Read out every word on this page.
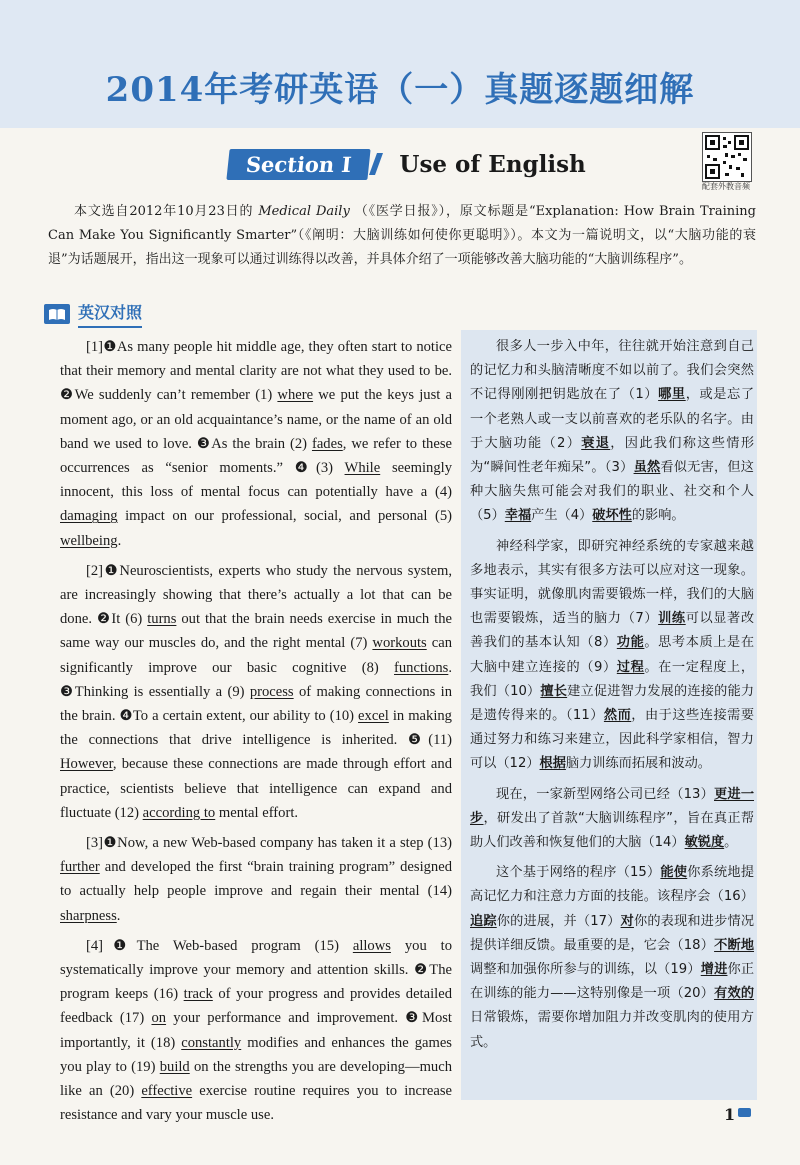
2014年考研英语（一）真题逐题细解
Section Ⅰ	Use of English
配套外教音频
本文选自2012年10月23日的 Medical Daily （《医学日报》），原文标题是“Explanation: How Brain Training Can Make You Significantly Smarter”（《阐明：大脑训练如何使你更聪明》）。本文为一篇说明文，以“大脑功能的衰退”为话题展开，指出这一现象可以通过训练得以改善，并具体介绍了一项能够改善大脑功能的“大脑训练程序”。
英汉对照

[1]❶As many people hit middle age, they often start to notice that their memory and mental clarity are not what they used to be. ❷We suddenly can’t remember (1) where we put the keys just a moment ago, or an old acquaintance’s name, or the name of an old band we used to love. ❸As the brain (2) fades, we refer to these occurrences as “senior moments.” ❹(3) While seemingly innocent, this loss of mental focus can potentially have a (4) damaging impact on our professional, social, and personal (5) wellbeing.

[2]❶Neuroscientists, experts who study the nervous system, are increasingly showing that there’s actually a lot that can be done. ❷It (6) turns out that the brain needs exercise in much the same way our muscles do, and the right mental (7) workouts can significantly improve our basic cognitive (8) functions. ❸Thinking is essentially a (9) process of making connections in the brain. ❹To a certain extent, our ability to (10) excel in making the connections that drive intelligence is inherited. ❺(11) However, because these connections are made through effort and practice, scientists believe that intelligence can expand and fluctuate (12) according to mental effort.

[3]❶Now, a new Web-based company has taken it a step (13) further and developed the first “brain training program” designed to actually help people improve and regain their mental (14) sharpness.

[4]❶The Web-based program (15) allows you to systematically improve your memory and attention skills. ❷The program keeps (16) track of your progress and provides detailed feedback (17) on your performance and improvement. ❸Most importantly, it (18) constantly modifies and enhances the games you play to (19) build on the strengths you are developing—much like an (20) effective exercise routine requires you to increase resistance and vary your muscle use.

很多人一步入中年，往往就开始注意到自己的记忆力和头脑清晰度不如以前了。我们会突然不记得刚刚把钥匙放在了（1）哪里，或是忘了一个老熟人或一支以前喜欢的老乐队的名字。由于大脑功能（2）衰退，因此我们称这些情形为“瞬间性老年痴呆”。（3）虽然看似无害，但这种大脑失焦可能会对我们的职业、社交和个人（5）幸福产生（4）破坏性的影响。

神经科学家，即研究神经系统的专家越来越多地表示，其实有很多方法可以应对这一现象。事实证明，就像肌肉需要锻炼一样，我们的大脑也需要锻炼，适当的脑力（7）训练可以显著改善我们的基本认知（8）功能。思考本质上是在大脑中建立连接的（9）过程。在一定程度上，我们（10）擅长建立促进智力发展的连接的能力是遗传得来的。（11）然而，由于这些连接需要通过努力和练习来建立，因此科学家相信，智力可以（12）根据脑力训练而拓展和波动。

现在，一家新型网络公司已经（13）更进一步，研发出了首款“大脑训练程序”，旨在真正帮助人们改善和恢复他们的大脑（14）敏锐度。

这个基于网络的程序（15）能使你系统地提高记忆力和注意力方面的技能。该程序会（16）追踪你的进展，并（17）对你的表现和进步情况提供详细反馈。最重要的是，它会（18）不断地调整和加强你所参与的训练，以（19）增进你正在训练的能力——这特别像是一项（20）有效的日常锻炼，需要你增加阻力并改变肌肉的使用方式。

1
